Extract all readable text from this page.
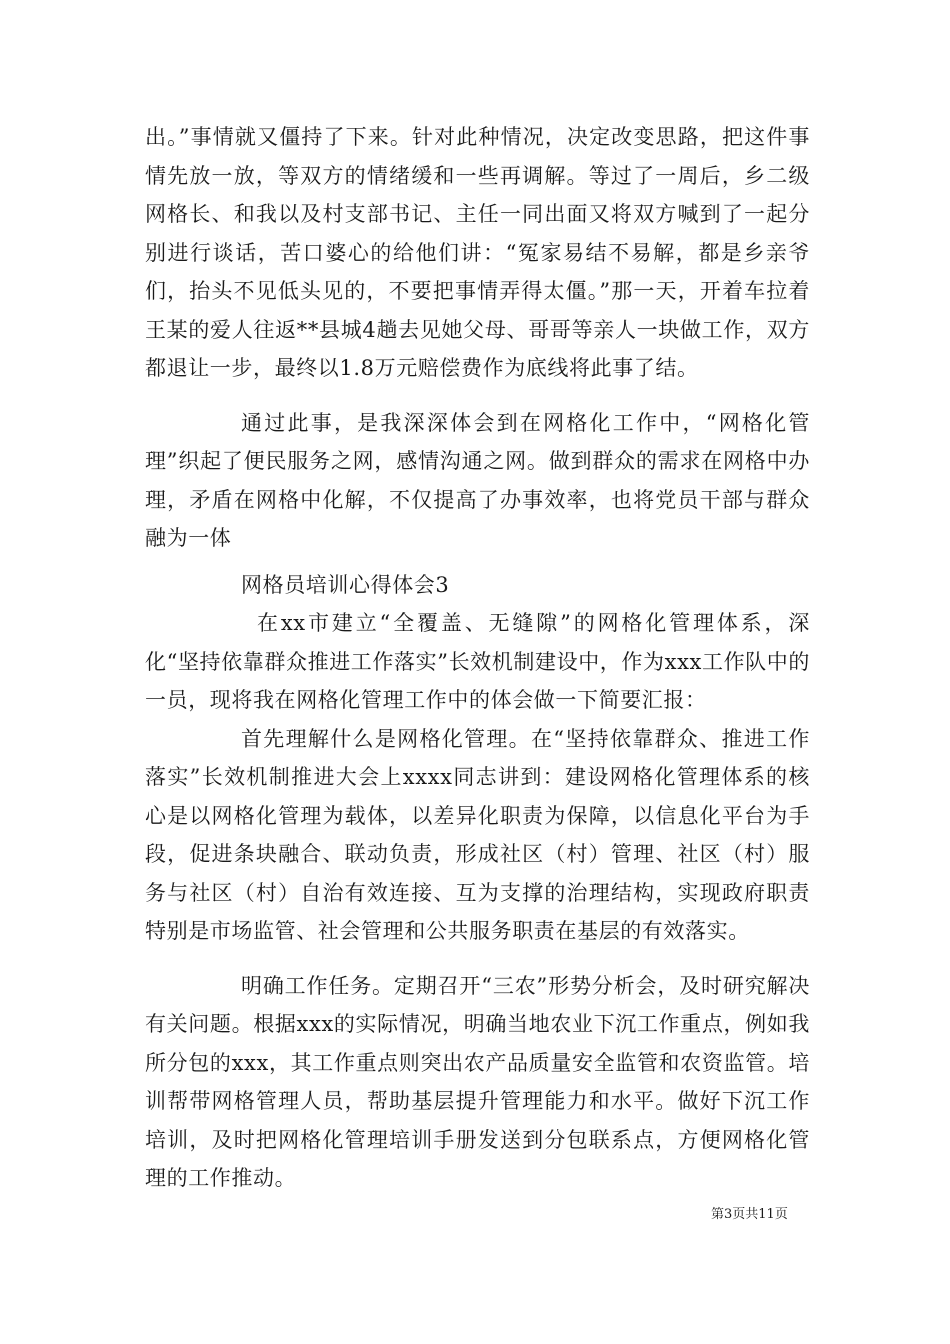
出。”事情就又僵持了下来。针对此种情况，决定改变思路，把这件事情先放一放，等双方的情绪缓和一些再调解。等过了一周后，乡二级网格长、和我以及村支部书记、主任一同出面又将双方喊到了一起分别进行谈话，苦口婆心的给他们讲：“冤家易结不易解，都是乡亲爷们，抬头不见低头见的，不要把事情弄得太僵。”那一天，开着车拉着王某的爱人往返**县城4趟去见她父母、哥哥等亲人一块做工作，双方都退让一步，最终以1.8万元赔偿费作为底线将此事了结。

通过此事，是我深深体会到在网格化工作中，“网格化管理”织起了便民服务之网，感情沟通之网。做到群众的需求在网格中办理，矛盾在网格中化解，不仅提高了办事效率，也将党员干部与群众融为一体

网格员培训心得体会3

在xx市建立“全覆盖、无缝隙”的网格化管理体系，深化“坚持依靠群众推进工作落实”长效机制建设中，作为xxx工作队中的一员，现将我在网格化管理工作中的体会做一下简要汇报：

首先理解什么是网格化管理。在“坚持依靠群众、推进工作落实”长效机制推进大会上xxxx同志讲到：建设网格化管理体系的核心是以网格化管理为载体，以差异化职责为保障，以信息化平台为手段，促进条块融合、联动负责，形成社区（村）管理、社区（村）服务与社区（村）自治有效连接、互为支撑的治理结构，实现政府职责特别是市场监管、社会管理和公共服务职责在基层的有效落实。

明确工作任务。定期召开“三农”形势分析会，及时研究解决有关问题。根据xxx的实际情况，明确当地农业下沉工作重点，例如我所分包的xxx，其工作重点则突出农产品质量安全监管和农资监管。培训帮带网格管理人员，帮助基层提升管理能力和水平。做好下沉工作培训，及时把网格化管理培训手册发送到分包联系点，方便网格化管理的工作推动。

第3页共11页
